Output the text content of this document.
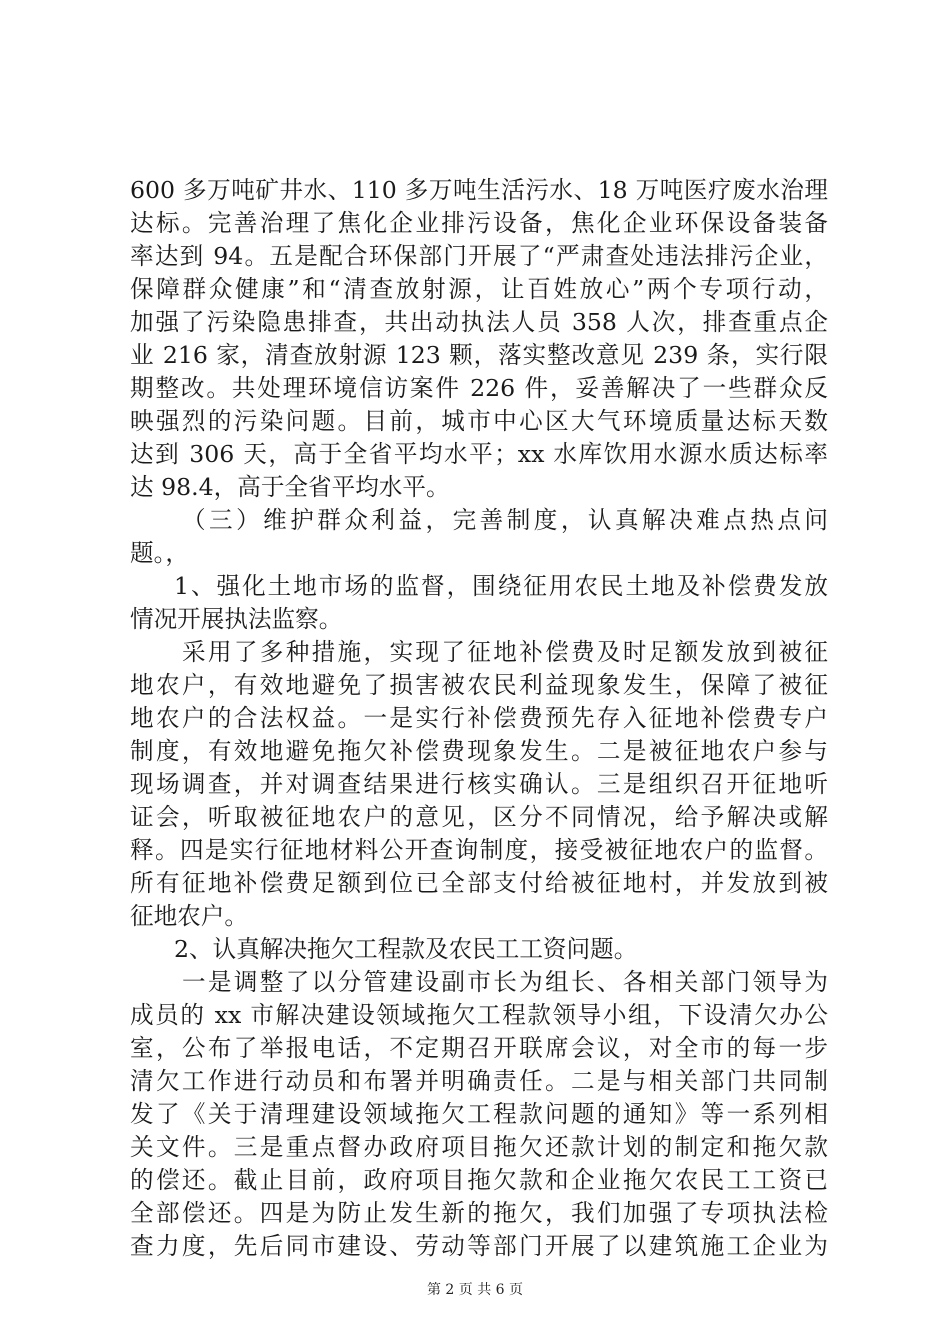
600 多万吨矿井水、110 多万吨生活污水、18 万吨医疗废水治理
达标。完善治理了焦化企业排污设备，焦化企业环保设备装备
率达到 94。五是配合环保部门开展了“严肃查处违法排污企业，
保障群众健康”和“清查放射源，让百姓放心”两个专项行动，
加强了污染隐患排查，共出动执法人员 358 人次，排查重点企
业 216 家，清查放射源 123 颗，落实整改意见 239 条，实行限
期整改。共处理环境信访案件 226 件，妥善解决了一些群众反
映强烈的污染问题。目前，城市中心区大气环境质量达标天数
达到 306 天，高于全省平均水平；xx 水库饮用水源水质达标率
达 98.4，高于全省平均水平。
（三）维护群众利益，完善制度，认真解决难点热点问
题。，
1、强化土地市场的监督，围绕征用农民土地及补偿费发放
情况开展执法监察。
采用了多种措施，实现了征地补偿费及时足额发放到被征
地农户，有效地避免了损害被农民利益现象发生，保障了被征
地农户的合法权益。一是实行补偿费预先存入征地补偿费专户
制度，有效地避免拖欠补偿费现象发生。二是被征地农户参与
现场调查，并对调查结果进行核实确认。三是组织召开征地听
证会，听取被征地农户的意见，区分不同情况，给予解决或解
释。四是实行征地材料公开查询制度，接受被征地农户的监督。
所有征地补偿费足额到位已全部支付给被征地村，并发放到被
征地农户。
2、认真解决拖欠工程款及农民工工资问题。
一是调整了以分管建设副市长为组长、各相关部门领导为
成员的 xx 市解决建设领域拖欠工程款领导小组，下设清欠办公
室，公布了举报电话，不定期召开联席会议，对全市的每一步
清欠工作进行动员和布署并明确责任。二是与相关部门共同制
发了《关于清理建设领域拖欠工程款问题的通知》等一系列相
关文件。三是重点督办政府项目拖欠还款计划的制定和拖欠款
的偿还。截止目前，政府项目拖欠款和企业拖欠农民工工资已
全部偿还。四是为防止发生新的拖欠，我们加强了专项执法检
查力度，先后同市建设、劳动等部门开展了以建筑施工企业为
第 2 页 共 6 页
